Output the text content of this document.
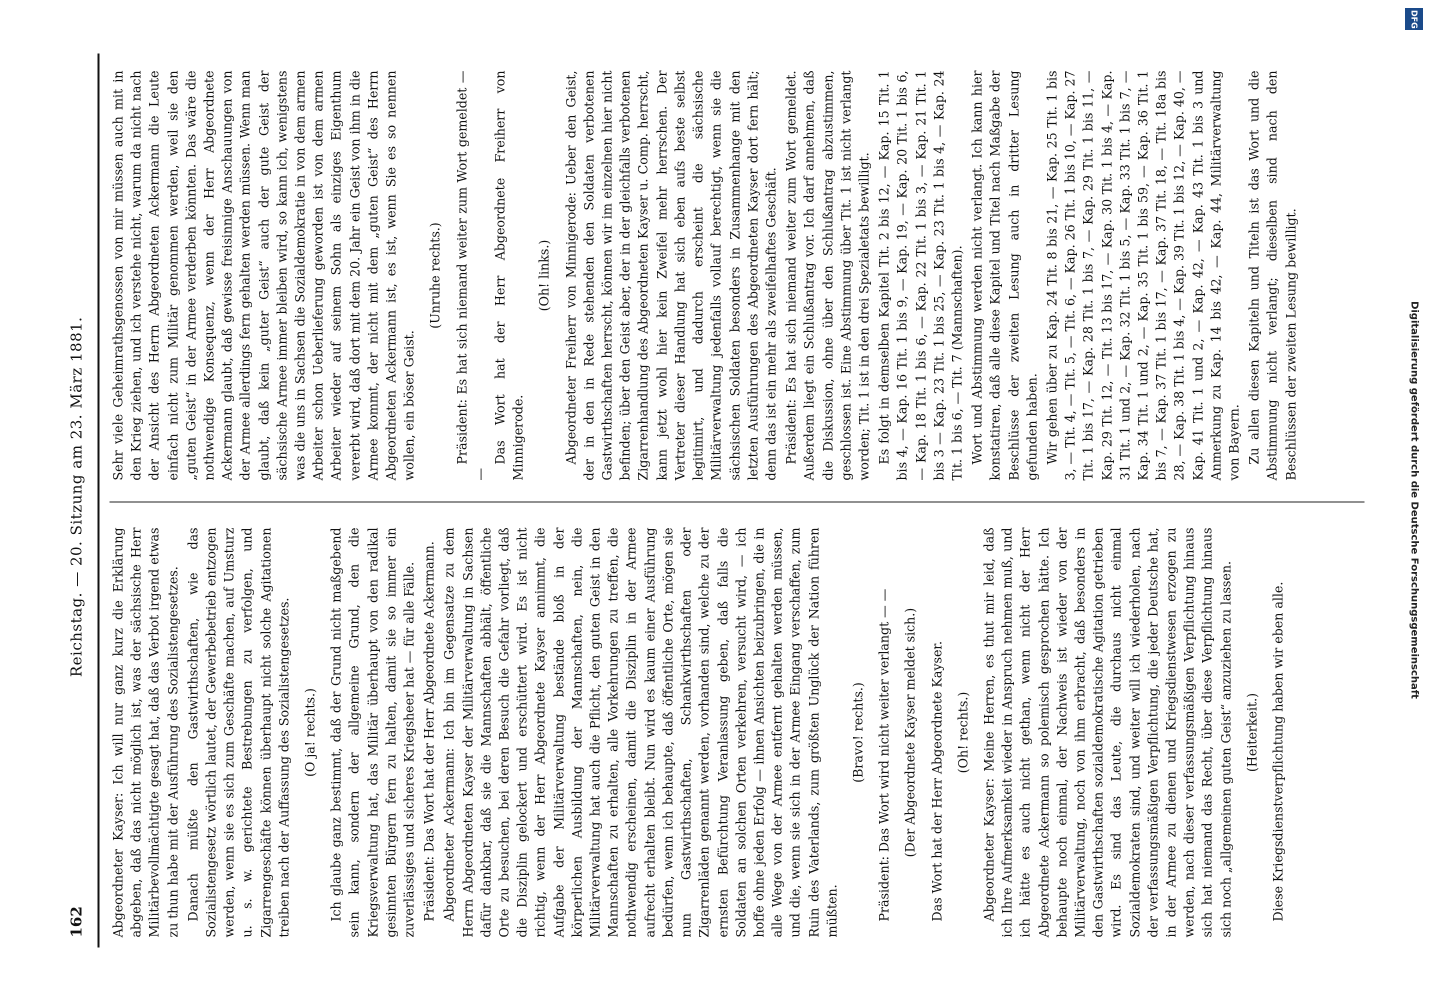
162
Reichstag. — 20. Sitzung am 23. März 1881.

Abgeordneter Kayser: Ich will nur ganz kurz die Erklärung abgeben, daß das nicht möglich ist, was der sächsische Herr Militärbevollmächtigte gesagt hat, daß das Verbot irgend etwas zu thun habe mit der Ausführung des Sozialistengesetzes. Danach müßte den Gastwirthschaften, wie das Sozialistengesetz wörtlich lautet, der Gewerbebetrieb entzogen werden, wenn sie es sich zum Geschäfte machen, auf Umsturz u. s. w. gerichtete Bestrebungen zu verfolgen, und Zigarrengeschäfte können überhaupt nicht solche Agitationen treiben nach der Auffassung des Sozialistengesetzes. (O ja! rechts.) Ich glaube ganz bestimmt, daß der Grund nicht maßgebend sein kann, sondern der allgemeine Grund, den die Kriegsverwaltung hat, das Militär überhaupt von den radikal gesinnten Bürgern fern zu halten, damit sie so immer ein zuverlässiges und sicheres Kriegsheer hat — für alle Fälle. Präsident: Das Wort hat der Herr Abgeordnete Ackermann. Abgeordneter Ackermann: Ich bin im Gegensatze zu dem Herrn Abgeordneten Kayser der Militärverwaltung in Sachsen dafür dankbar, daß sie die Mannschaften abhält, öffentliche Orte zu besuchen, bei deren Besuch die Gefahr vorliegt, daß die Disziplin gelockert und erschüttert wird. Es ist nicht richtig, wenn der Herr Abgeordnete Kayser annimmt, die Aufgabe der Militärverwaltung bestände bloß in der körperlichen Ausbildung der Mannschaften, nein, die Militärverwaltung hat auch die Pflicht, den guten Geist in den Mannschaften zu erhalten, alle Vorkehrungen zu treffen, die nothwendig erscheinen, damit die Disziplin in der Armee aufrecht erhalten bleibt. Nun wird es kaum einer Ausführung bedürfen, wenn ich behaupte, daß öffentliche Orte, mögen sie nun Gastwirthschaften, Schankwirthschaften oder Zigarrenläden genannt werden, vorhanden sind, welche zu der ernsten Befürchtung Veranlassung geben, daß falls die Soldaten an solchen Orten verkehren, versucht wird, — ich hoffe ohne jeden Erfolg — ihnen Ansichten beizubringen, die in alle Wege von der Armee entfernt gehalten werden müssen, und die, wenn sie sich in der Armee Eingang verschaffen, zum Ruin des Vaterlands, zum größten Unglück der Nation führen müßten.

(Bravo! rechts.) Präsident: Das Wort wird nicht weiter verlangt — — (Der Abgeordnete Kayser meldet sich.) Das Wort hat der Herr Abgeordnete Kayser. (Oh! rechts.) Abgeordneter Kayser: Meine Herren, es thut mir leid, daß ich Ihre Aufmerksamkeit wieder in Anspruch nehmen muß, und ich hätte es auch nicht gethan, wenn nicht der Herr Abgeordnete Ackermann so polemisch gesprochen hätte. Ich behaupte noch einmal, der Nachweis ist wieder von der Militärverwaltung, noch von ihm erbracht, daß besonders in den Gastwirthschaften sozialdemokratische Agitation getrieben wird. Es sind das Leute, die durchaus nicht einmal Sozialdemokraten sind, und weiter will ich wiederholen, nach der verfassungsmäßigen Verpflichtung, die jeder Deutsche hat, in der Armee zu dienen und Kriegsdienstwesen erzogen zu werden, nach dieser verfassungsmäßigen Verpflichtung hinaus sich hat niemand das Recht, über diese Verpflichtung hinaus sich noch „allgemeinen guten Geist“ anzuziehen zu lassen. (Heiterkeit.) Diese Kriegsdienstverpflichtung haben wir eben alle.

Sehr viele Geheimrathsgenossen von mir müssen auch mit in den Krieg ziehen, und ich verstehe nicht, warum da nicht nach der Ansicht des Herrn Abgeordneten Ackermann die Leute einfach nicht zum Militär genommen werden, weil sie den „guten Geist“ in der Armee verderben könnten. Das wäre die nothwendige Konsequenz, wenn der Herr Abgeordnete Ackermann glaubt, daß gewisse freisinnige Anschauungen von der Armee allerdings fern gehalten werden müssen. Wenn man glaubt, daß kein „guter Geist“ auch der gute Geist der sächsische Armee immer bleiben wird, so kann ich, wenigstens was die uns in Sachsen die Sozialdemokratie in von dem armen Arbeiter schon Ueberlieferung geworden ist von dem armen Arbeiter wieder auf seinem Sohn als einziges Eigenthum vererbt wird, daß dort mit dem 20. Jahr ein Geist von ihm in die Armee kommt, der nicht mit dem „guten Geist“ des Herrn Abgeordneten Ackermann ist, es ist, wenn Sie es so nennen wollen, ein böser Geist.

(Unruhe rechts.) Präsident: Es hat sich niemand weiter zum Wort gemeldet — —

Das Wort hat der Herr Abgeordnete Freiherr von Minnigerode.

(Oh! links.) Abgeordneter Freiherr von Minnigerode: Ueber den Geist, der in den in Rede stehenden den Soldaten verbotenen Gastwirthschaften herrscht, können wir im einzelnen hier nicht befinden; über den Geist aber, der in der gleichfalls verbotenen Zigarrenhandlung des Abgeordneten Kayser u. Comp. herrscht, kann jetzt wohl hier kein Zweifel mehr herrschen. Der Vertreter dieser Handlung hat sich eben aufs beste selbst legitimirt, und dadurch erscheint die sächsische Militärverwaltung jedenfalls vollauf berechtigt, wenn sie die sächsischen Soldaten besonders in Zusammenhange mit den letzten Ausführungen des Abgeordneten Kayser dort fern hält; denn das ist ein mehr als zweifelhaftes Geschäft. Präsident: Es hat sich niemand weiter zum Wort gemeldet. Außerdem liegt ein Schlußantrag vor. Ich darf annehmen, daß die Diskussion, ohne über den Schlußantrag abzustimmen, geschlossen ist. Eine Abstimmung über Tit. 1 ist nicht verlangt worden; Tit. 1 ist in den drei Spezialetats bewilligt. Es folgt in demselben Kapitel Tit. 2 bis 12, — Kap. 15 Tit. 1 bis 4, — Kap. 16 Tit. 1 bis 9, — Kap. 19, — Kap. 20 Tit. 1 bis 6, — Kap. 18 Tit. 1 bis 6, — Kap. 22 Tit. 1 bis 3, — Kap. 21 Tit. 1 bis 3 — Kap. 23 Tit. 1 bis 25, — Kap. 23 Tit. 1 bis 4, — Kap. 24 Tit. 1 bis 6, — Tit. 7 (Mannschaften). Wort und Abstimmung werden nicht verlangt. Ich kann hier konstatiren, daß alle diese Kapitel und Titel nach Maßgabe der Beschlüsse der zweiten Lesung auch in dritter Lesung gefunden haben. Wir gehen über zu Kap. 24 Tit. 8 bis 21, — Kap. 25 Tit. 1 bis 3, — Tit. 4, — Tit. 5, — Tit. 6, — Kap. 26 Tit. 1 bis 10, — Kap. 27 Tit. 1 bis 17, — Kap. 28 Tit. 1 bis 7, — Kap. 29 Tit. 1 bis 11, — Kap. 29 Tit. 12, — Tit. 13 bis 17, — Kap. 30 Tit. 1 bis 4, — Kap. 31 Tit. 1 und 2, — Kap. 32 Tit. 1 bis 5, — Kap. 33 Tit. 1 bis 7, — Kap. 34 Tit. 1 und 2, — Kap. 35 Tit. 1 bis 59, — Kap. 36 Tit. 1 bis 7, — Kap. 37 Tit. 1 bis 17, — Kap. 37 Tit. 18, — Tit. 18a bis 28, — Kap. 38 Tit. 1 bis 4, — Kap. 39 Tit. 1 bis 12, — Kap. 40, — Kap. 41 Tit. 1 und 2, — Kap. 42, — Kap. 43 Tit. 1 bis 3 und Anmerkung zu Kap. 14 bis 42, — Kap. 44, Militärverwaltung von Bayern. Zu allen diesen Kapiteln und Titeln ist das Wort und die Abstimmung nicht verlangt; dieselben sind nach den Beschlüssen der zweiten Lesung bewilligt.

DFG
Digitalisierung gefördert durch die Deutsche Forschungsgemeinschaft
